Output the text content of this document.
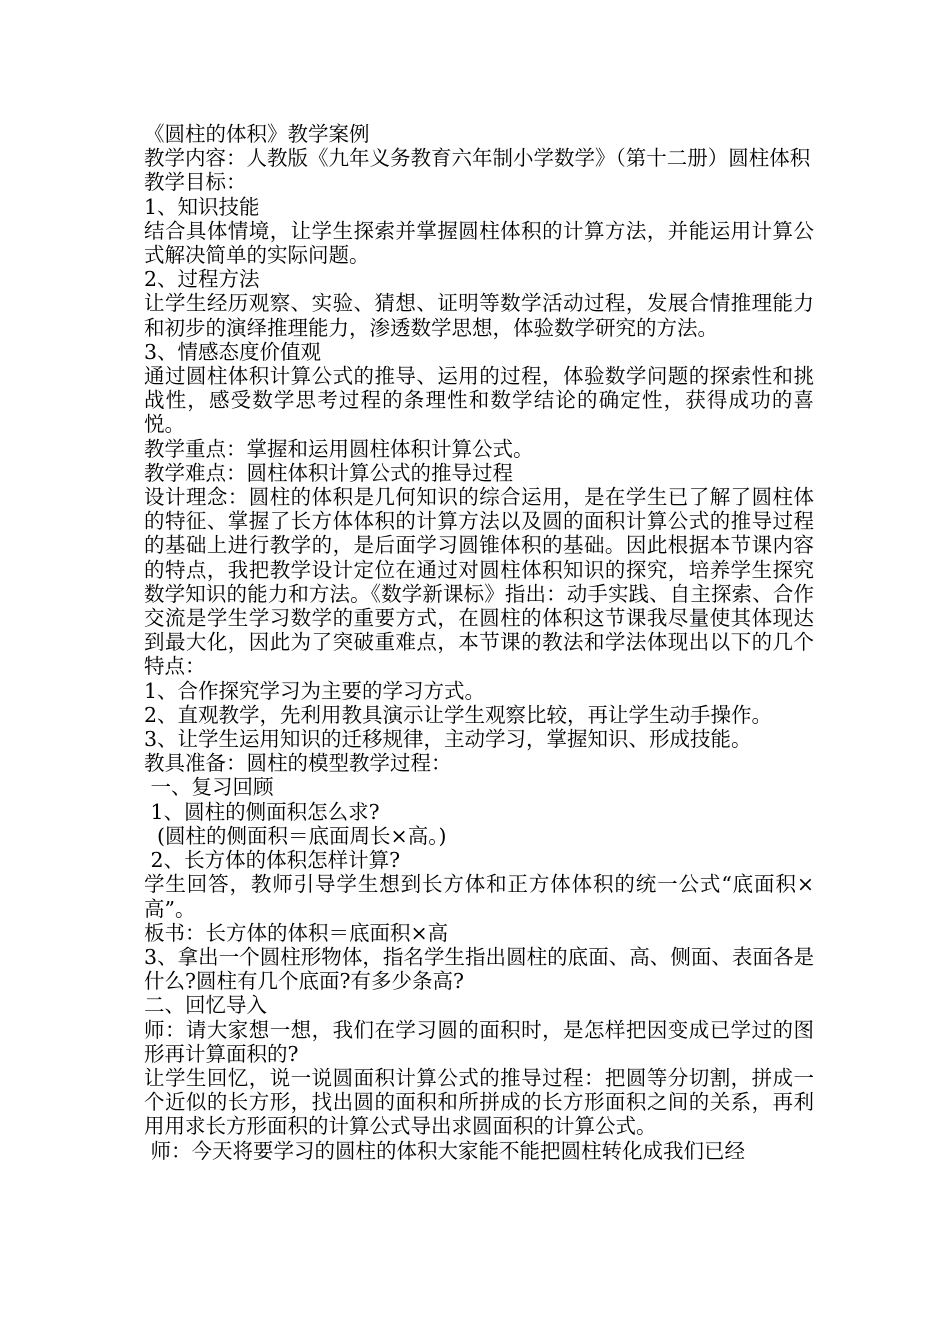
《圆柱的体积》教学案例

教学内容：人教版《九年义务教育六年制小学数学》（第十二册）圆柱体积

教学目标：

1、知识技能

结合具体情境，让学生探索并掌握圆柱体积的计算方法，并能运用计算公式解决简单的实际问题。

2、过程方法

让学生经历观察、实验、猜想、证明等数学活动过程，发展合情推理能力和初步的演绎推理能力，渗透数学思想，体验数学研究的方法。

3、情感态度价值观

通过圆柱体积计算公式的推导、运用的过程，体验数学问题的探索性和挑战性，感受数学思考过程的条理性和数学结论的确定性，获得成功的喜悦。

教学重点：掌握和运用圆柱体积计算公式。

教学难点：圆柱体积计算公式的推导过程

设计理念：圆柱的体积是几何知识的综合运用，是在学生已了解了圆柱体的特征、掌握了长方体体积的计算方法以及圆的面积计算公式的推导过程的基础上进行教学的，是后面学习圆锥体积的基础。因此根据本节课内容的特点，我把教学设计定位在通过对圆柱体积知识的探究，培养学生探究数学知识的能力和方法。《数学新课标》指出：动手实践、自主探索、合作交流是学生学习数学的重要方式，在圆柱的体积这节课我尽量使其体现达到最大化，因此为了突破重难点，本节课的教法和学法体现出以下的几个特点：

1、合作探究学习为主要的学习方式。

2、直观教学，先利用教具演示让学生观察比较，再让学生动手操作。

3、让学生运用知识的迁移规律，主动学习，掌握知识、形成技能。

教具准备：圆柱的模型教学过程：

一、复习回顾

1、圆柱的侧面积怎么求?

(圆柱的侧面积＝底面周长×高。)

2、长方体的体积怎样计算?

学生回答，教师引导学生想到长方体和正方体体积的统一公式“底面积×高”。

板书：长方体的体积＝底面积×高

3、拿出一个圆柱形物体，指名学生指出圆柱的底面、高、侧面、表面各是什么?圆柱有几个底面?有多少条高?

二、回忆导入

师：请大家想一想，我们在学习圆的面积时，是怎样把因变成已学过的图形再计算面积的?

让学生回忆，说一说圆面积计算公式的推导过程：把圆等分切割，拼成一个近似的长方形，找出圆的面积和所拼成的长方形面积之间的关系，再利用用求长方形面积的计算公式导出求圆面积的计算公式。

师：今天将要学习的圆柱的体积大家能不能把圆柱转化成我们已经
